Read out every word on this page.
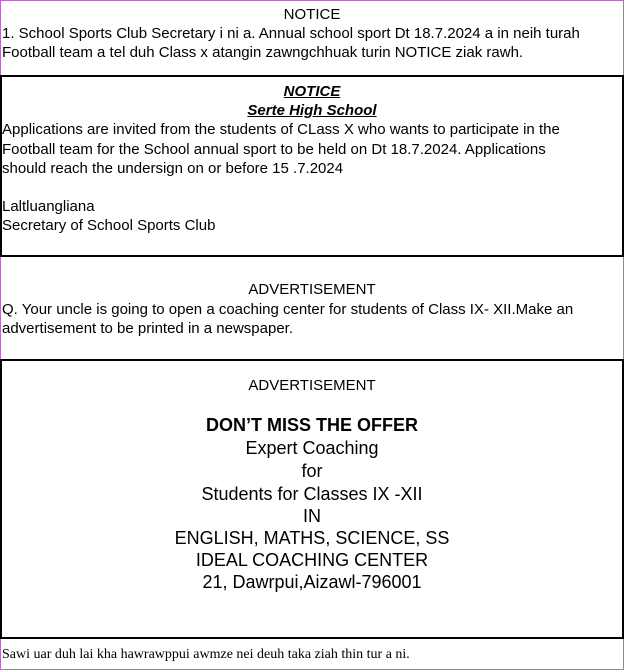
NOTICE
1. School Sports Club Secretary i ni a. Annual school sport Dt 18.7.2024 a in neih turah
Football team a tel duh Class x atangin zawngchhuak turin NOTICE ziak rawh.
NOTICE
Serte High School
Applications are invited from the students of CLass X who wants to participate in the
Football team for the School annual sport to be held on Dt 18.7.2024. Applications
should reach the undersign on or before 15 .7.2024
Laltluangliana
Secretary of School Sports Club
ADVERTISEMENT
Q. Your uncle is going to open a coaching center for students of Class IX- XII.Make an
advertisement to be printed in a newspaper.
ADVERTISEMENT
DON’T MISS THE OFFER
Expert Coaching
for
Students for Classes IX -XII
IN
ENGLISH, MATHS, SCIENCE, SS
IDEAL COACHING CENTER
21, Dawrpui,Aizawl-796001
Sawi uar duh lai kha hawrawppui awmze nei deuh taka ziah thin tur a ni.
